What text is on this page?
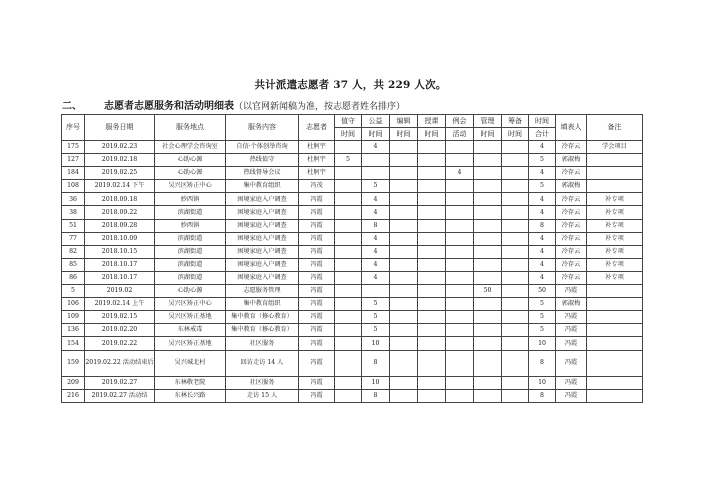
共计派遣志愿者 37 人，共 229 人次。
二、 志愿者志愿服务和活动明细表（以官网新闻稿为准，按志愿者姓名排序）
序号	服务日期	服务地点	服务内容	志愿者	值守	公益	编辑	授课	例会	管理	筹备	时间	填表人	备注
					时间	时间	时间	时间	活动	时间	时间	合计		
175	2019.02.23	社会心理学会咨询室	自信·个体创举咨询	杜舸宇		4						4	冷存云	学会项目
127	2019.02.18	心助心源	热线值守	杜舸宇	5							5	郭淑梅	
184	2019.02.25	心助心源	热线督导会议	杜舸宇					4			4	冷存云	
108	2019.02.14 下午	吴兴区矫正中心	集中教育组织	冯茂		5						5	郭淑梅	
36	2018.09.18	妙西镇	困境家庭入户调查	冯霞		4						4	冷存云	补专项
38	2018.09.22	滨湖街道	困境家庭入户调查	冯霞		4						4	冷存云	补专项
51	2018.09.28	妙西镇	困境家庭入户调查	冯霞		8						8	冷存云	补专项
77	2018.10.09	滨湖街道	困境家庭入户调查	冯霞		4						4	冷存云	补专项
82	2018.10.15	滨湖街道	困境家庭入户调查	冯霞		4						4	冷存云	补专项
85	2018.10.17	滨湖街道	困境家庭入户调查	冯霞		4						4	冷存云	补专项
86	2018.10.17	滨湖街道	困境家庭入户调查	冯霞		4						4	冷存云	补专项
5	2019.02	心助心源	志愿服务管理	冯霞						50		50	冯霞	
106	2019.02.14 上午	吴兴区矫正中心	集中教育组织	冯霞		5						5	郭淑梅	
109	2019.02.15	吴兴区矫正基地	集中教育（修心教育）	冯霞		5						5	冯霞	
136	2019.02.20	东林戒毒	集中教育（修心教育）	冯霞		5						5	冯霞	
154	2019.02.22	吴兴区矫正基地	社区服务	冯霞		10						10	冯霞	
159	2019.02.22 活动结束后	吴兴城北村	回访走访 14 人	冯霞		8						8	冯霞	
209	2019.02.27	东林敬老院	社区服务	冯霞		10						10	冯霞	
216	2019.02.27 活动结	东林长兴路	走访 15 人	冯霞		8						8	冯霞	
